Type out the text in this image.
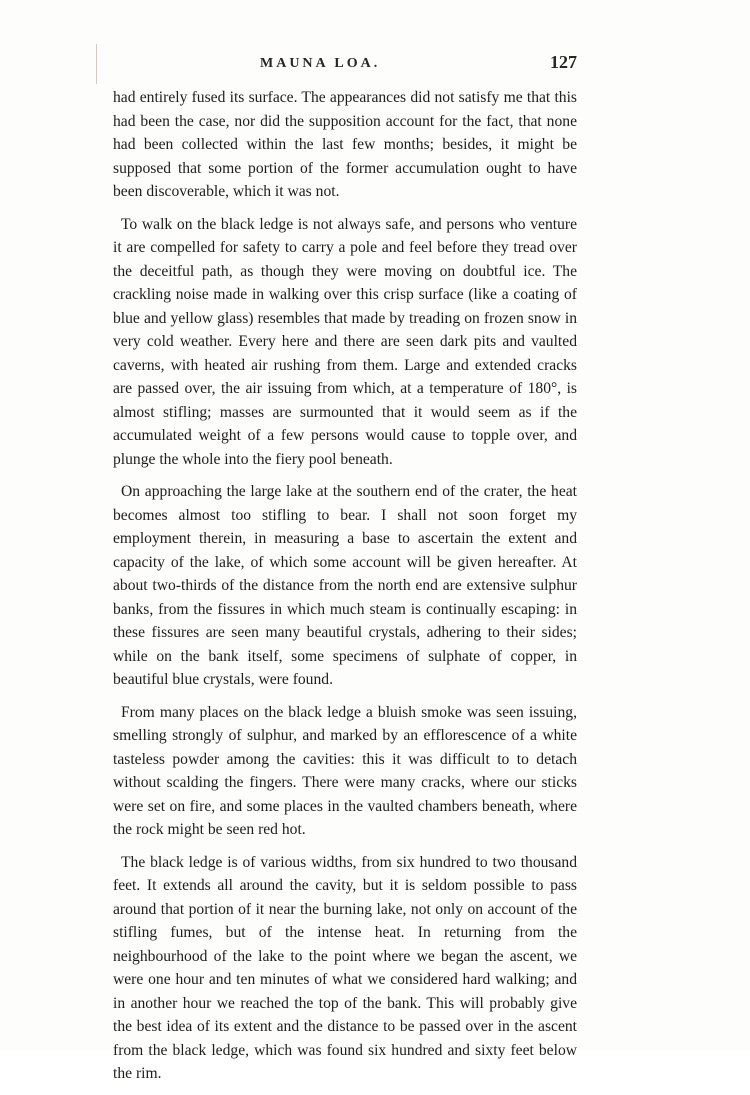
MAUNA LOA.	127

had entirely fused its surface. The appearances did not satisfy me that this had been the case, nor did the supposition account for the fact, that none had been collected within the last few months; besides, it might be supposed that some portion of the former accumulation ought to have been discoverable, which it was not.

To walk on the black ledge is not always safe, and persons who venture it are compelled for safety to carry a pole and feel before they tread over the deceitful path, as though they were moving on doubtful ice. The crackling noise made in walking over this crisp surface (like a coating of blue and yellow glass) resembles that made by treading on frozen snow in very cold weather. Every here and there are seen dark pits and vaulted caverns, with heated air rushing from them. Large and extended cracks are passed over, the air issuing from which, at a temperature of 180°, is almost stifling; masses are surmounted that it would seem as if the accumulated weight of a few persons would cause to topple over, and plunge the whole into the fiery pool beneath.

On approaching the large lake at the southern end of the crater, the heat becomes almost too stifling to bear. I shall not soon forget my employment therein, in measuring a base to ascertain the extent and capacity of the lake, of which some account will be given hereafter. At about two-thirds of the distance from the north end are extensive sulphur banks, from the fissures in which much steam is continually escaping: in these fissures are seen many beautiful crystals, adhering to their sides; while on the bank itself, some specimens of sulphate of copper, in beautiful blue crystals, were found.

From many places on the black ledge a bluish smoke was seen issuing, smelling strongly of sulphur, and marked by an efflorescence of a white tasteless powder among the cavities: this it was difficult to to detach without scalding the fingers. There were many cracks, where our sticks were set on fire, and some places in the vaulted chambers beneath, where the rock might be seen red hot.

The black ledge is of various widths, from six hundred to two thousand feet. It extends all around the cavity, but it is seldom possible to pass around that portion of it near the burning lake, not only on account of the stifling fumes, but of the intense heat. In returning from the neighbourhood of the lake to the point where we began the ascent, we were one hour and ten minutes of what we considered hard walking; and in another hour we reached the top of the bank. This will probably give the best idea of its extent and the distance to be passed over in the ascent from the black ledge, which was found six hundred and sixty feet below the rim.
